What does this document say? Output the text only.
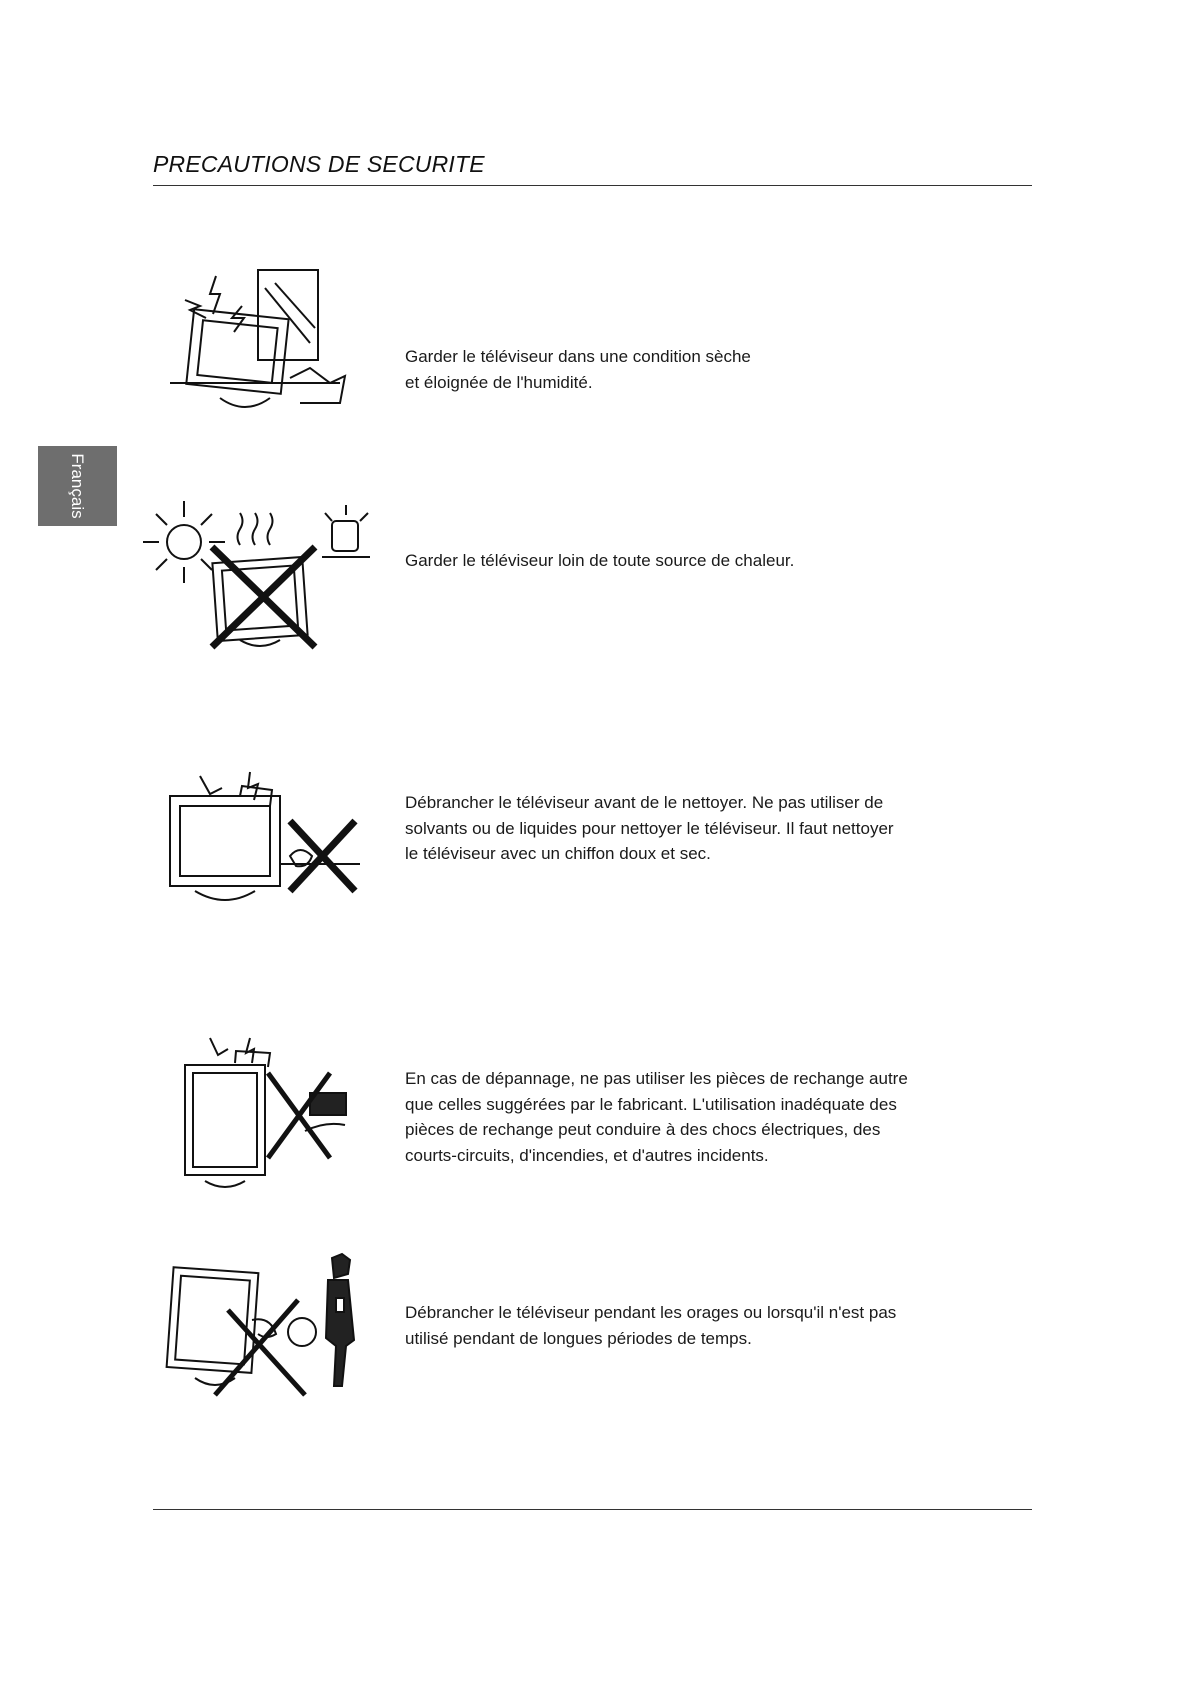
PRECAUTIONS DE SECURITE
Français

Garder le téléviseur dans une condition sèche

et éloignée de l'humidité.

Garder le téléviseur loin de toute source de chaleur.

Débrancher le téléviseur avant de le nettoyer. Ne pas utiliser de

solvants ou de liquides pour nettoyer le téléviseur. Il faut nettoyer

le téléviseur avec un chiffon doux et sec.

En cas de dépannage, ne pas utiliser les pièces de rechange autre

que celles suggérées par le fabricant. L'utilisation inadéquate des

pièces de rechange peut conduire à des chocs électriques, des

courts-circuits, d'incendies, et d'autres incidents.

Débrancher le téléviseur pendant les orages ou lorsqu'il n'est pas

utilisé pendant de longues périodes de temps.
